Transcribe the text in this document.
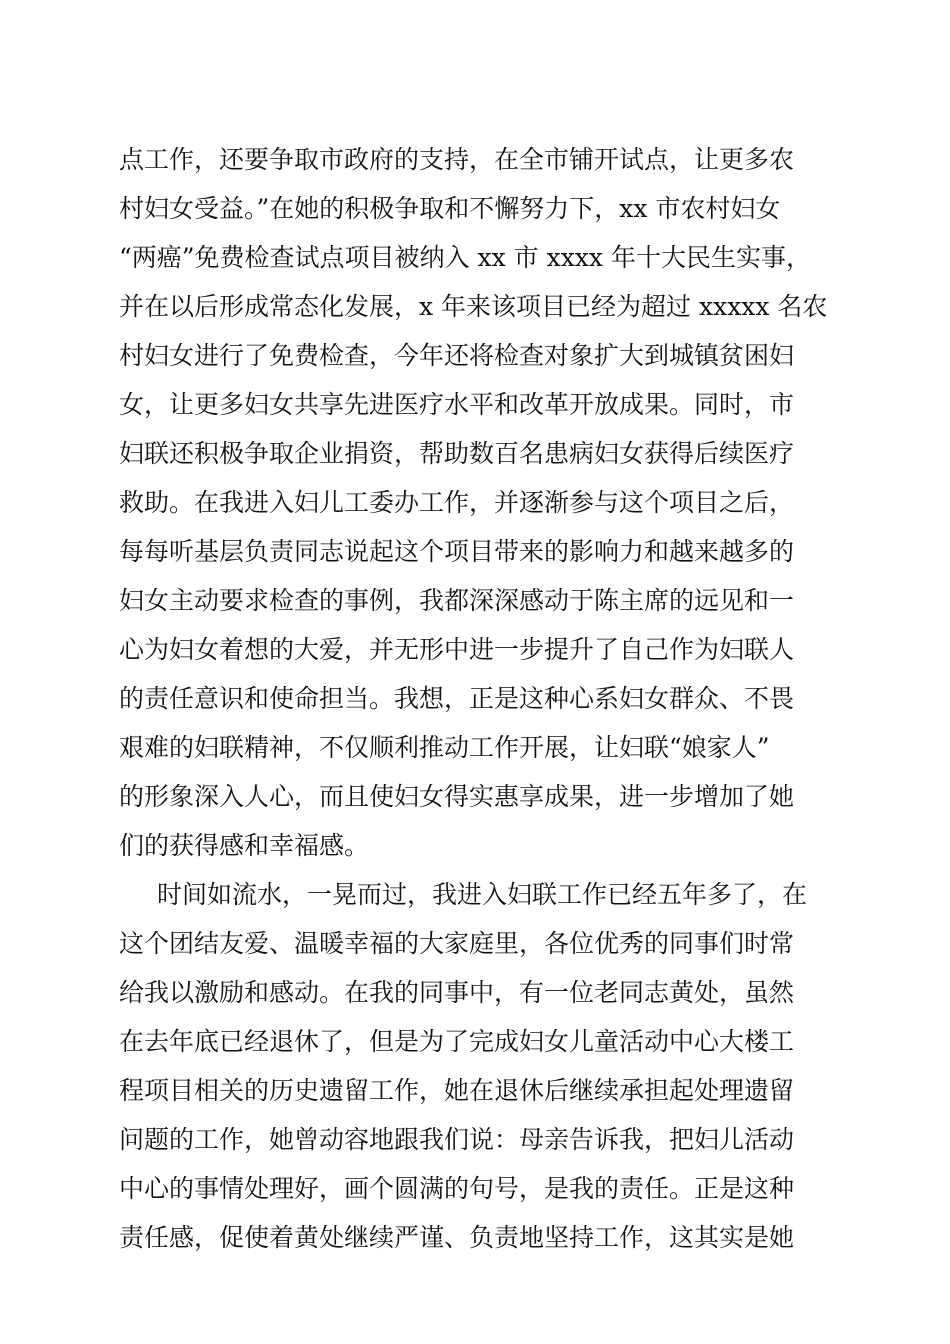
点工作，还要争取市政府的支持，在全市铺开试点，让更多农

村妇女受益。”在她的积极争取和不懈努力下，xx 市农村妇女

“两癌”免费检查试点项目被纳入 xx 市 xxxx 年十大民生实事，

并在以后形成常态化发展，x 年来该项目已经为超过 xxxxx 名农

村妇女进行了免费检查，今年还将检查对象扩大到城镇贫困妇

女，让更多妇女共享先进医疗水平和改革开放成果。同时，市

妇联还积极争取企业捐资，帮助数百名患病妇女获得后续医疗

救助。在我进入妇儿工委办工作，并逐渐参与这个项目之后，

每每听基层负责同志说起这个项目带来的影响力和越来越多的

妇女主动要求检查的事例，我都深深感动于陈主席的远见和一

心为妇女着想的大爱，并无形中进一步提升了自己作为妇联人

的责任意识和使命担当。我想，正是这种心系妇女群众、不畏

艰难的妇联精神，不仅顺利推动工作开展，让妇联“娘家人”

的形象深入人心，而且使妇女得实惠享成果，进一步增加了她

们的获得感和幸福感。

时间如流水，一晃而过，我进入妇联工作已经五年多了，在

这个团结友爱、温暖幸福的大家庭里，各位优秀的同事们时常

给我以激励和感动。在我的同事中，有一位老同志黄处，虽然

在去年底已经退休了，但是为了完成妇女儿童活动中心大楼工

程项目相关的历史遗留工作，她在退休后继续承担起处理遗留

问题的工作，她曾动容地跟我们说：母亲告诉我，把妇儿活动

中心的事情处理好，画个圆满的句号，是我的责任。正是这种

责任感，促使着黄处继续严谨、负责地坚持工作，这其实是她
